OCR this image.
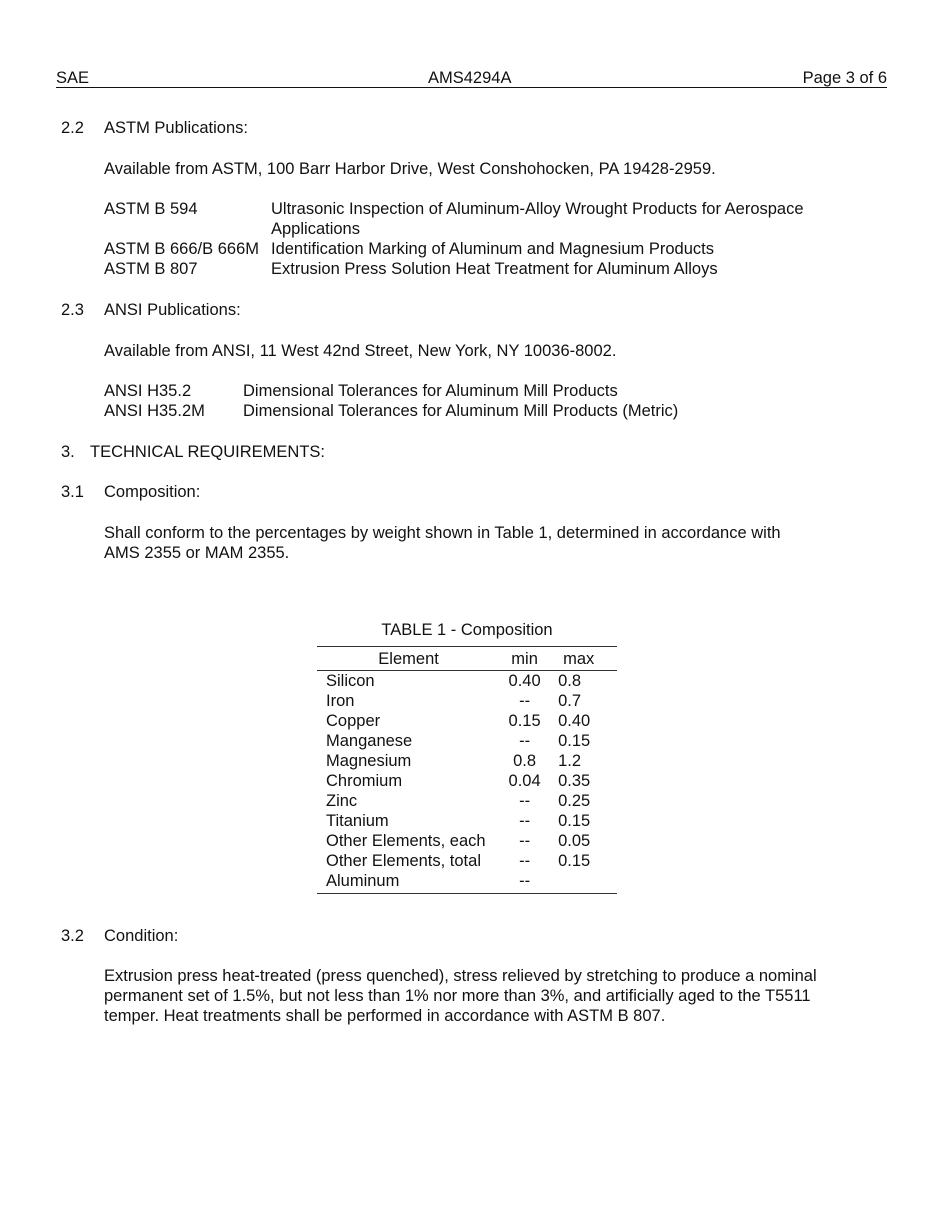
SAE	AMS4294A	Page 3 of 6
2.2 ASTM Publications:
Available from ASTM, 100 Barr Harbor Drive, West Conshohocken, PA 19428-2959.
ASTM B 594	Ultrasonic Inspection of Aluminum-Alloy Wrought Products for Aerospace
Applications
ASTM B 666/B 666M	Identification Marking of Aluminum and Magnesium Products
ASTM B 807	Extrusion Press Solution Heat Treatment for Aluminum Alloys
2.3 ANSI Publications:
Available from ANSI, 11 West 42nd Street, New York, NY 10036-8002.
ANSI H35.2	Dimensional Tolerances for Aluminum Mill Products
ANSI H35.2M	Dimensional Tolerances for Aluminum Mill Products (Metric)
3. TECHNICAL REQUIREMENTS:
3.1 Composition:
Shall conform to the percentages by weight shown in Table 1, determined in accordance with
AMS 2355 or MAM 2355.
TABLE 1 - Composition
Element	min	max
Silicon	0.40	0.8
Iron	--	0.7
Copper	0.15	0.40
Manganese	--	0.15
Magnesium	0.8	1.2
Chromium	0.04	0.35
Zinc	--	0.25
Titanium	--	0.15
Other Elements, each	--	0.05
Other Elements, total	--	0.15
Aluminum	--	
3.2 Condition:
Extrusion press heat-treated (press quenched), stress relieved by stretching to produce a nominal
permanent set of 1.5%, but not less than 1% nor more than 3%, and artificially aged to the T5511
temper. Heat treatments shall be performed in accordance with ASTM B 807.
